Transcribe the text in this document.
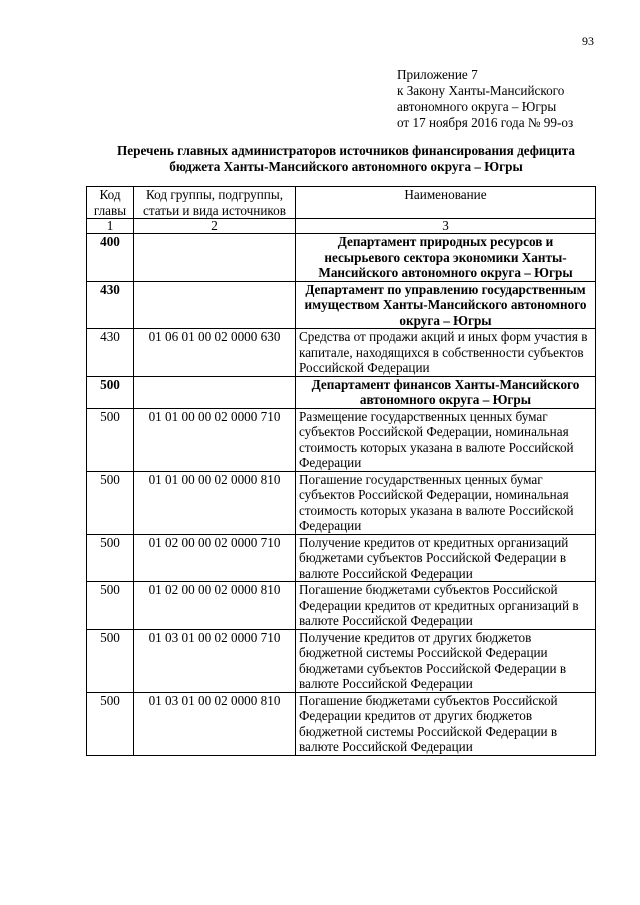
93
Приложение 7
к Закону Ханты-Мансийского
автономного округа – Югры
от 17 ноября 2016 года № 99-оз
Перечень главных администраторов источников финансирования дефицита
бюджета Ханты-Мансийского автономного округа – Югры
Код главы	Код группы, подгруппы, статьи и вида источников	Наименование
1	2	3
400		Департамент природных ресурсов и несырьевого сектора экономики Ханты-Мансийского автономного округа – Югры
430		Департамент по управлению государственным имуществом Ханты-Мансийского автономного округа – Югры
430	01 06 01 00 02 0000 630	Средства от продажи акций и иных форм участия в капитале, находящихся в собственности субъектов Российской Федерации
500		Департамент финансов Ханты-Мансийского автономного округа – Югры
500	01 01 00 00 02 0000 710	Размещение государственных ценных бумаг субъектов Российской Федерации, номинальная стоимость которых указана в валюте Российской Федерации
500	01 01 00 00 02 0000 810	Погашение государственных ценных бумаг субъектов Российской Федерации, номинальная стоимость которых указана в валюте Российской Федерации
500	01 02 00 00 02 0000 710	Получение кредитов от кредитных организаций бюджетами субъектов Российской Федерации в валюте Российской Федерации
500	01 02 00 00 02 0000 810	Погашение бюджетами субъектов Российской Федерации кредитов от кредитных организаций в валюте Российской Федерации
500	01 03 01 00 02 0000 710	Получение кредитов от других бюджетов бюджетной системы Российской Федерации бюджетами субъектов Российской Федерации в валюте Российской Федерации
500	01 03 01 00 02 0000 810	Погашение бюджетами субъектов Российской Федерации кредитов от других бюджетов бюджетной системы Российской Федерации в валюте Российской Федерации
